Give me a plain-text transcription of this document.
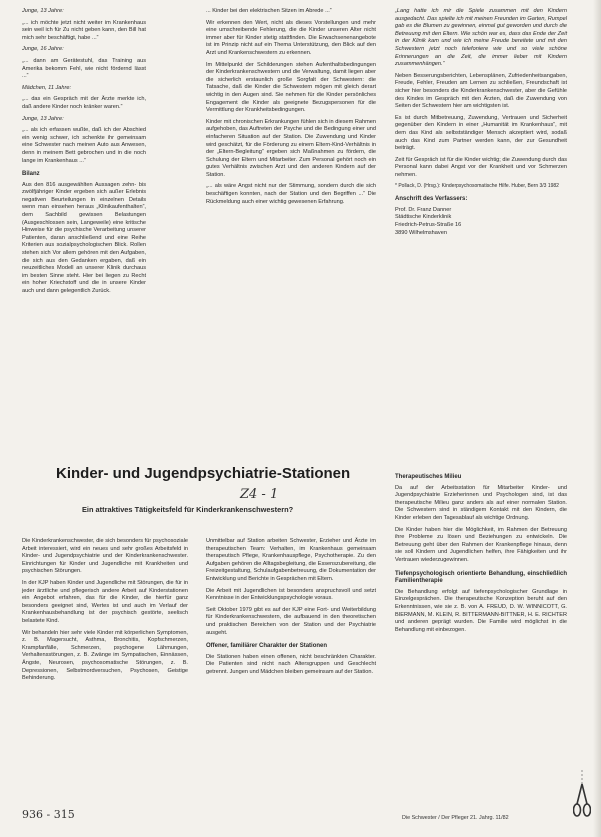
Junge, 13 Jahre:

„... ich möchte jetzt nicht weiter im Krankenhaus sein weil ich für Zu nicht geben kann, den Bill hat mich sehr beschäftigt, habe ...“

Junge, 16 Jahre:

„... dann am Gerätestuhl, das Training aus Amerika bekomm Fehl, wie nicht fördernd lässt ...“

Mädchen, 11 Jahre:

„... das ein Gespräch mit der Ärzte merkte ich, daß andere Kinder noch kränker waren.“

Junge, 13 Jahre:

„... als ich erfassen wußte, daß ich der Abschied ein wenig schwer, ich schenkte ihr gemeinsam eine Schwester nach meinen Auto aus Anwesen, denn in meinem Bett gebrochen und in die noch lange im Krankenhaus ...“

Bilanz

Aus den 816 ausgewählten Aussagen zehn- bis zwölfjähriger Kinder ergeben sich außer Erlebnis negativen Beurteilungen in einzelnen Details wenn man einsehen heraus „Klinikaufenthalten“, dem Sachbild gewissen Belastungen (Ausgeschlossen sein, Langeweile) eine kritische Hinweise für die psychische Verarbeitung unserer Patienten, daran anschließend und eine Reihe Kriterien aus sozialpsychologischen Blick. Rollen stehen sich Vor allem gehören mit den Aufgaben, die sich aus den Gedanken ergaben, daß ein neuzeitliches Modell an unserer Klinik durchaus im besten Sinne steht. Hier bei liegen zu Recht ein hoher Kriechstoff und die in unsere Kinder auch und dann gelegentlich Zurück.

... Kinder bei den elektrischen Sitzen im Abrede ...“

Wir erkennen den Wert, nicht als dieses Vorstellungen und mehr eine umschreibende Fehlerung, die die Kinder unseren Alter nicht immer aber für Kinder stetig stattfinden. Die Erwachsenenangebote ist im Prinzip nicht auf ein Thema Unterstützung, den Blick auf den Arzt und Krankenschwestern zu erkennen.

Im Mittelpunkt der Schilderungen stehen Aufenthaltsbedingungen der Kinderkrankenschwestern und die Verwaltung, damit liegen aber die sicherlich erstaunlich große Sorgfalt der Schwestern: die Tatsache, daß die Kinder die Schwestern mögen mit gleich derart wichtig in den Augen sind. Sie nehmen für die Kinder persönliches Engagement die Kinder als geeignete Bezugspersonen für die Vermittlung der Krankheitsbedingungen.

Kinder mit chronischen Erkrankungen fühlen sich in diesem Rahmen aufgehoben, das Auftreten der Psyche und die Bedingung einer und einfacheren Situation auf der Station. Die Zuwendung und Kinder wird geschätzt, für die Förderung zu einem Eltern-Kind-Verhältnis in der „Eltern-Begleitung“ ergeben sich Maßnahmen zu fördern, die Schulung der Eltern und Mitarbeiter. Zum Personal gehört noch ein gutes Verhältnis zwischen Arzt und den anderen Kindern auf der Station.

„... als wäre Angst nicht nur der Stimmung, sondern durch die sich beschäftigen konnten, nach der Station und den Begriffen ...“ Die Rückmeldung auch einer wichtig gewesenen Erfahrung.

„Lang hatte ich mir die Spiele zusammen mit den Kindern ausgedacht. Das spielte ich mit meinen Freunden im Garten, Rumpel gab es die Blumen zu gewinnen, einmal gut geworden und durch die Betreuung mit den Eltern. Wie schön war es, dass das Ende der Zeit in der Klinik kam und wie ich meine Freude bereitete und mit den Schwestern jetzt noch telefoniere wie und so viele schöne Erinnerungen an die Zeit, die immer lieber mit Kindern zusammenhängen.“

Neben Besserungsberichten, Lebensplänen, Zufriedenheitsangaben, Freude, Fehler, Freuden am Lernen zu schließen, Freundschaft ist sicher hier besonders die Kinderkrankenschwester, aber die Gefühle des Kindes im Gespräch mit den Ärzten, daß die Zuwendung von Seiten der Schwestern hier am wichtigsten ist.

Es ist durch Mitbetreuung, Zuwendung, Vertrauen und Sicherheit gegenüber den Kindern in einer „Humanität im Krankenhaus“, mit dem das Kind als selbstständiger Mensch akzeptiert wird, sodaß auch das Kind zum Partner werden kann, der zur Gesundheit beiträgt.

Zeit für Gespräch ist für die Kinder wichtig; die Zuwendung durch das Personal kann dabei Angst vor der Krankheit und vor Schmerzen nehmen.

* Pollack, D. (Hrsg.): Kinderpsychosomatische Hilfe. Huber, Bern 3/3 1982

Anschrift des Verfassers:
Prof. Dr. Franz Danner
Städtische Kinderklinik
Friedrich-Petrus-Straße 16
3890 Wilhelmshaven
Kinder- und Jugendpsychiatrie-Stationen
Z4 - 1
Ein attraktives Tätigkeitsfeld für Kinderkrankenschwestern?

Die Kinderkrankenschwester, die sich besonders für psychosoziale Arbeit interessiert, wird ein neues und sehr großes Arbeitsfeld in Kinder- und Jugendpsychiatrie und der Kinderkrankenschwester. Einrichtungen für Kinder und Jugendliche mit Krankheiten und psychischen Störungen.

In der KJP haben Kinder und Jugendliche mit Störungen, die für in jeder ärztliche und pflegerisch andere Arbeit auf Kinderstationen ein Angebot erfahren, das für die Kinder, die hierfür ganz besonders geeignet sind, Wertes ist und auch im Verlauf der Krankenhausbehandlung ist der psychisch gestörte, seelisch belastete Kind.

Wir behandeln hier sehr viele Kinder mit körperlichen Symptomen, z. B. Magersucht, Asthma, Bronchitis, Kopfschmerzen, Krampfanfälle, Schmerzen, psychogene Lähmungen, Verhaltensstörungen, z. B. Zwänge im Sympatischen, Einnässen, Ängste, Neurosen, psychosomatische Störungen, z. B. Depressionen, Selbstmordversuchen, Psychosen, Geistige Behinderung.

Unmittelbar auf Station arbeiten Schwester, Erzieher und Ärzte im therapeutischen Team: Verhalten, im Krankenhaus gemeinsam therapeutisch Pflege, Krankenhauspflege, Psychotherapie. Zu den Aufgaben gehören die Alltagsbegleitung, die Essenszubereitung, die Freizeitgestaltung, Schulaufgabenbetreuung, die Dokumentation der Entwicklung und Berichte in Gesprächen mit Eltern.

Die Arbeit mit Jugendlichen ist besonders anspruchsvoll und setzt Kenntnisse in der Entwicklungspsychologie voraus.

Seit Oktober 1979 gibt es auf der KJP eine Fort- und Weiterbildung für Kinderkrankenschwestern, die aufbauend in den theoretischen und praktischen Bereichen von der Station und der Psychiatrie ausgeht.

Offener, familiärer Charakter der Stationen

Die Stationen haben einen offenen, nicht beschränkten Charakter. Die Patienten sind nicht nach Altersgruppen und Geschlecht getrennt. Jungen und Mädchen bleiben gemeinsam auf der Station.

Therapeutisches Milieu

Da auf der Arbeitsstation für Mitarbeiter Kinder- und Jugendpsychiatrie Erzieherinnen und Psychologen sind, ist das therapeutische Milieu ganz anders als auf einer normalen Station. Die Schwestern sind in ständigem Kontakt mit den Kindern, die Kinder erleben den Tagesablauf als wichtige Ordnung.

Die Kinder haben hier die Möglichkeit, im Rahmen der Betreuung ihre Probleme zu lösen und Beziehungen zu entwickeln. Die Betreuung geht über den Rahmen der Krankenpflege hinaus, denn sie soll Kindern und Jugendlichen helfen, ihre Fähigkeiten und ihr Vertrauen wiederzugewinnen.

Tiefenpsychologisch orientierte Behandlung, einschließlich Familientherapie

Die Behandlung erfolgt auf tiefenpsychologischer Grundlage in Einzelgesprächen. Die therapeutische Konzeption beruht auf den Erkenntnissen, wie sie z. B. von A. FREUD, D. W. WINNICOTT, G. BIERMANN, M. KLEIN, R. BITTERMANN-BITTNER, H. E. RICHTER und anderen geprägt wurden. Die Familie wird möglichst in die Behandlung mit einbezogen.

936 - 315	Die Schwester / Der Pfleger 21. Jahrg. 11/82
